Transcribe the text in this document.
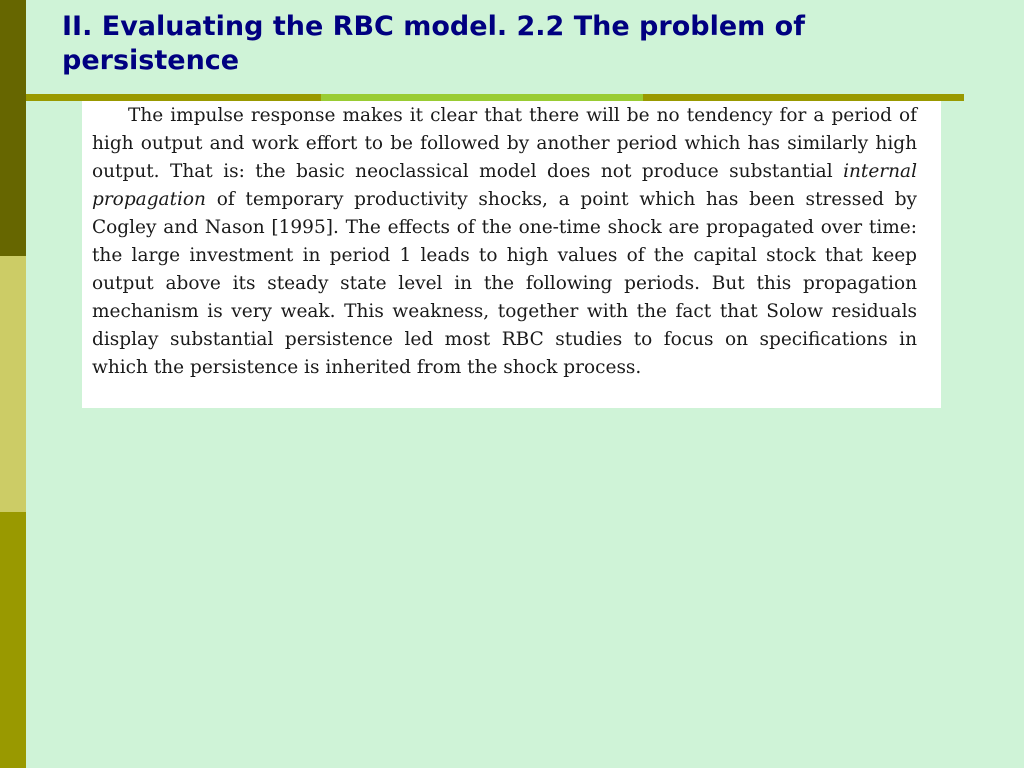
II. Evaluating the RBC model. 2.2 The problem of persistence

The impulse response makes it clear that there will be no tendency for a period of high output and work effort to be followed by another period which has similarly high output. That is: the basic neoclassical model does not produce substantial internal propagation of temporary productivity shocks, a point which has been stressed by Cogley and Nason [1995]. The effects of the one-time shock are propagated over time: the large investment in period 1 leads to high values of the capital stock that keep output above its steady state level in the following periods. But this propagation mechanism is very weak. This weakness, together with the fact that Solow residuals display substantial persistence led most RBC studies to focus on specifications in which the persistence is inherited from the shock process.
